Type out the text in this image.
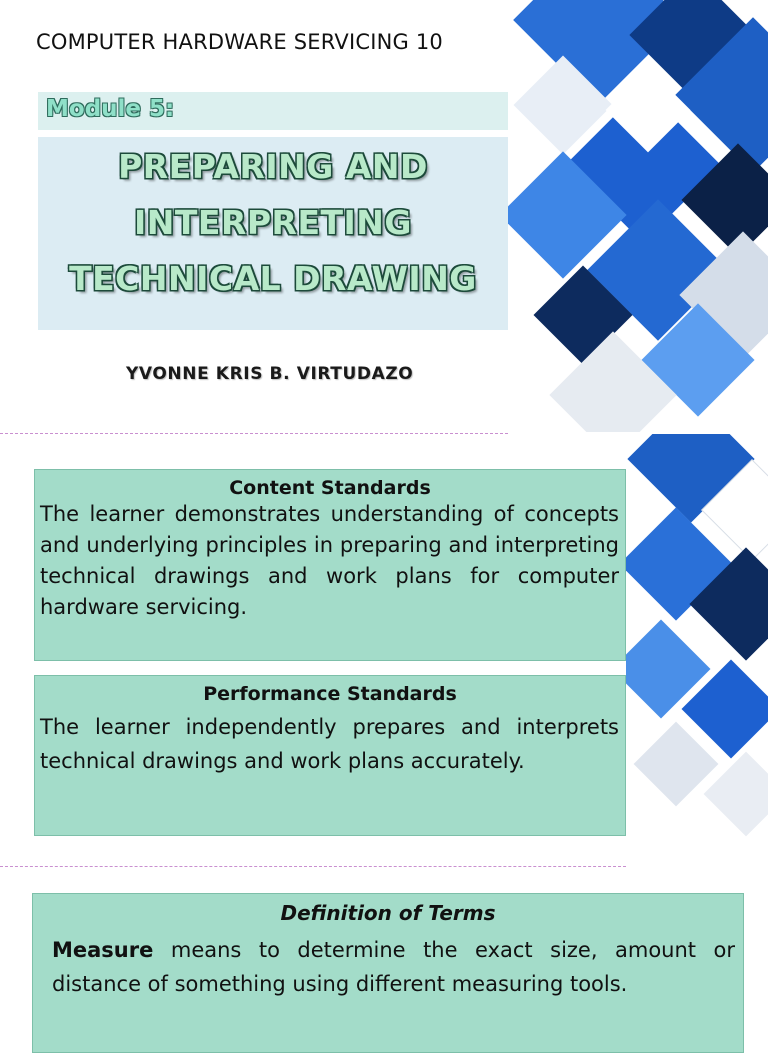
COMPUTER HARDWARE SERVICING 10
Module 5:
PREPARING AND
INTERPRETING
TECHNICAL DRAWING
YVONNE KRIS B. VIRTUDAZO
Content Standards
The learner demonstrates understanding of concepts and underlying principles in preparing and interpreting technical drawings and work plans for computer hardware servicing.
Performance Standards
The learner independently prepares and interprets technical drawings and work plans accurately.
Definition of Terms
Measure means to determine the exact size, amount or distance of something using different measuring tools.
